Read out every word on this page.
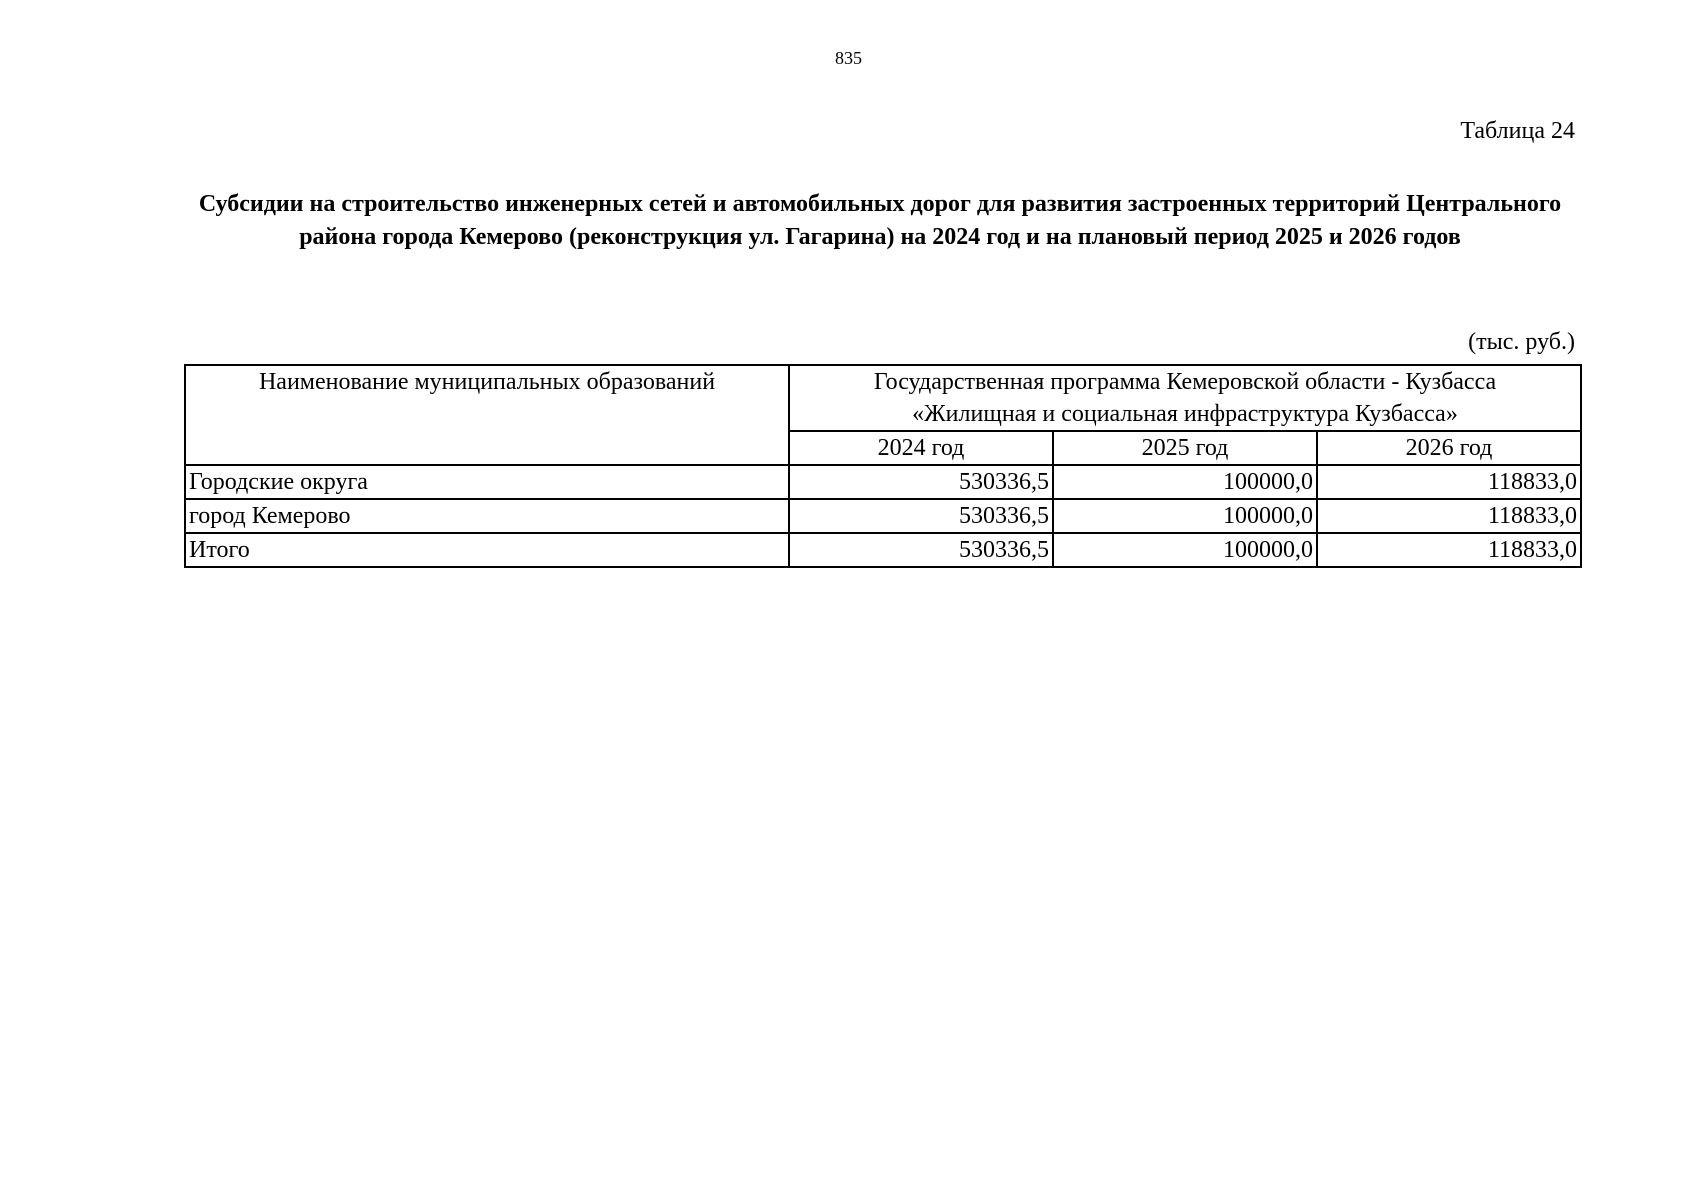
835
Таблица 24
Субсидии на строительство инженерных сетей и автомобильных дорог для развития застроенных территорий Центрального района города Кемерово (реконструкция ул. Гагарина) на 2024 год и на плановый период 2025 и 2026 годов
(тыс. руб.)
Наименование муниципальных образований	Государственная программа Кемеровской области - Кузбасса
«Жилищная и социальная инфраструктура Кузбасса»		

	2024 год	2025 год	2026 год
Городские округа	530336,5	100000,0	118833,0
город Кемерово	530336,5	100000,0	118833,0
Итого	530336,5	100000,0	118833,0
